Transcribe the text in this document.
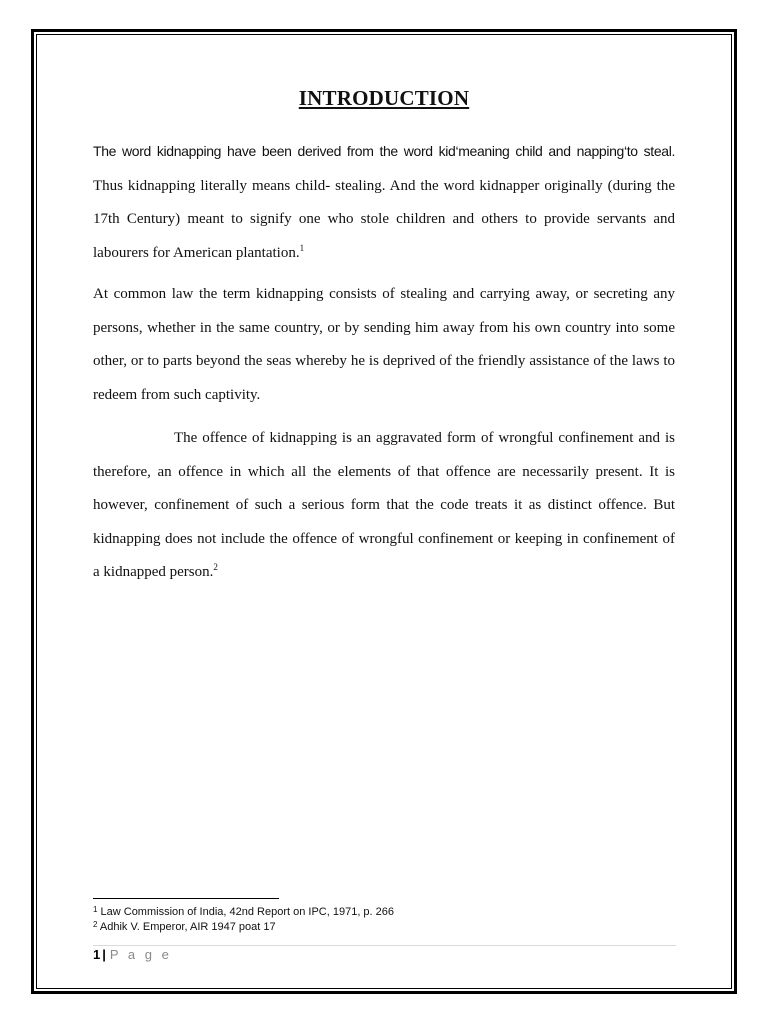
INTRODUCTION

The word kidnapping have been derived from the word kid‘meaning child and napping‘to steal. Thus kidnapping literally means child- stealing. And the word kidnapper originally (during the 17th Century) meant to signify one who stole children and others to provide servants and labourers for American plantation.$^1$

At common law the term kidnapping consists of stealing and carrying away, or secreting any persons, whether in the same country, or by sending him away from his own country into some other, or to parts beyond the seas whereby he is deprived of the friendly assistance of the laws to redeem from such captivity.

The offence of kidnapping is an aggravated form of wrongful confinement and is therefore, an offence in which all the elements of that offence are necessarily present. It is however, confinement of such a serious form that the code treats it as distinct offence. But kidnapping does not include the offence of wrongful confinement or keeping in confinement of a kidnapped person.$^2$

$^1$ Law Commission of India, 42nd Report on IPC, 1971, p. 266
$^2$ Adhik V. Emperor, AIR 1947 poat 17
1 | P a g e
